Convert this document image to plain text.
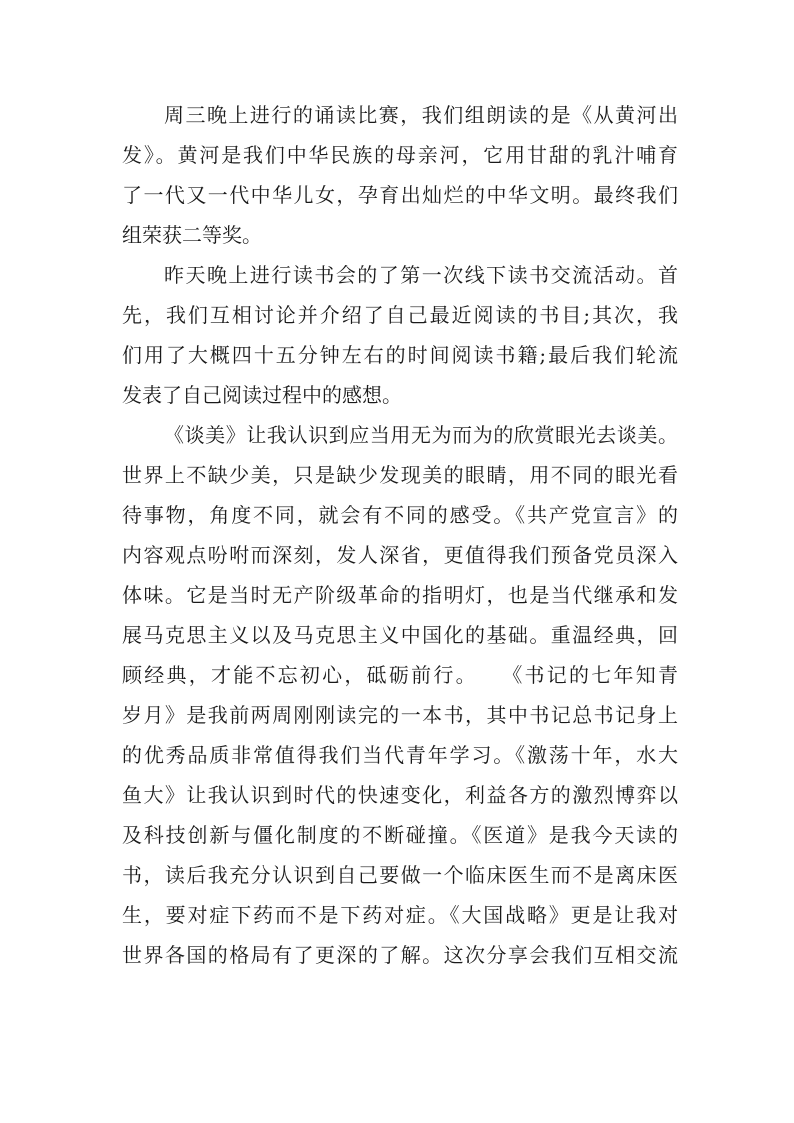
周三晚上进行的诵读比赛，我们组朗读的是《从黄河出
发》。黄河是我们中华民族的母亲河，它用甘甜的乳汁哺育
了一代又一代中华儿女，孕育出灿烂的中华文明。最终我们
组荣获二等奖。
昨天晚上进行读书会的了第一次线下读书交流活动。首
先，我们互相讨论并介绍了自己最近阅读的书目;其次，我
们用了大概四十五分钟左右的时间阅读书籍;最后我们轮流
发表了自己阅读过程中的感想。
《谈美》让我认识到应当用无为而为的欣赏眼光去谈美。
世界上不缺少美，只是缺少发现美的眼睛，用不同的眼光看
待事物，角度不同，就会有不同的感受。《共产党宣言》的
内容观点吩咐而深刻，发人深省，更值得我们预备党员深入
体味。它是当时无产阶级革命的指明灯，也是当代继承和发
展马克思主义以及马克思主义中国化的基础。重温经典，回
顾经典，才能不忘初心，砥砺前行。　　《书记的七年知青
岁月》是我前两周刚刚读完的一本书，其中书记总书记身上
的优秀品质非常值得我们当代青年学习。《激荡十年，水大
鱼大》让我认识到时代的快速变化，利益各方的激烈博弈以
及科技创新与僵化制度的不断碰撞。《医道》是我今天读的
书，读后我充分认识到自己要做一个临床医生而不是离床医
生，要对症下药而不是下药对症。《大国战略》更是让我对
世界各国的格局有了更深的了解。这次分享会我们互相交流
